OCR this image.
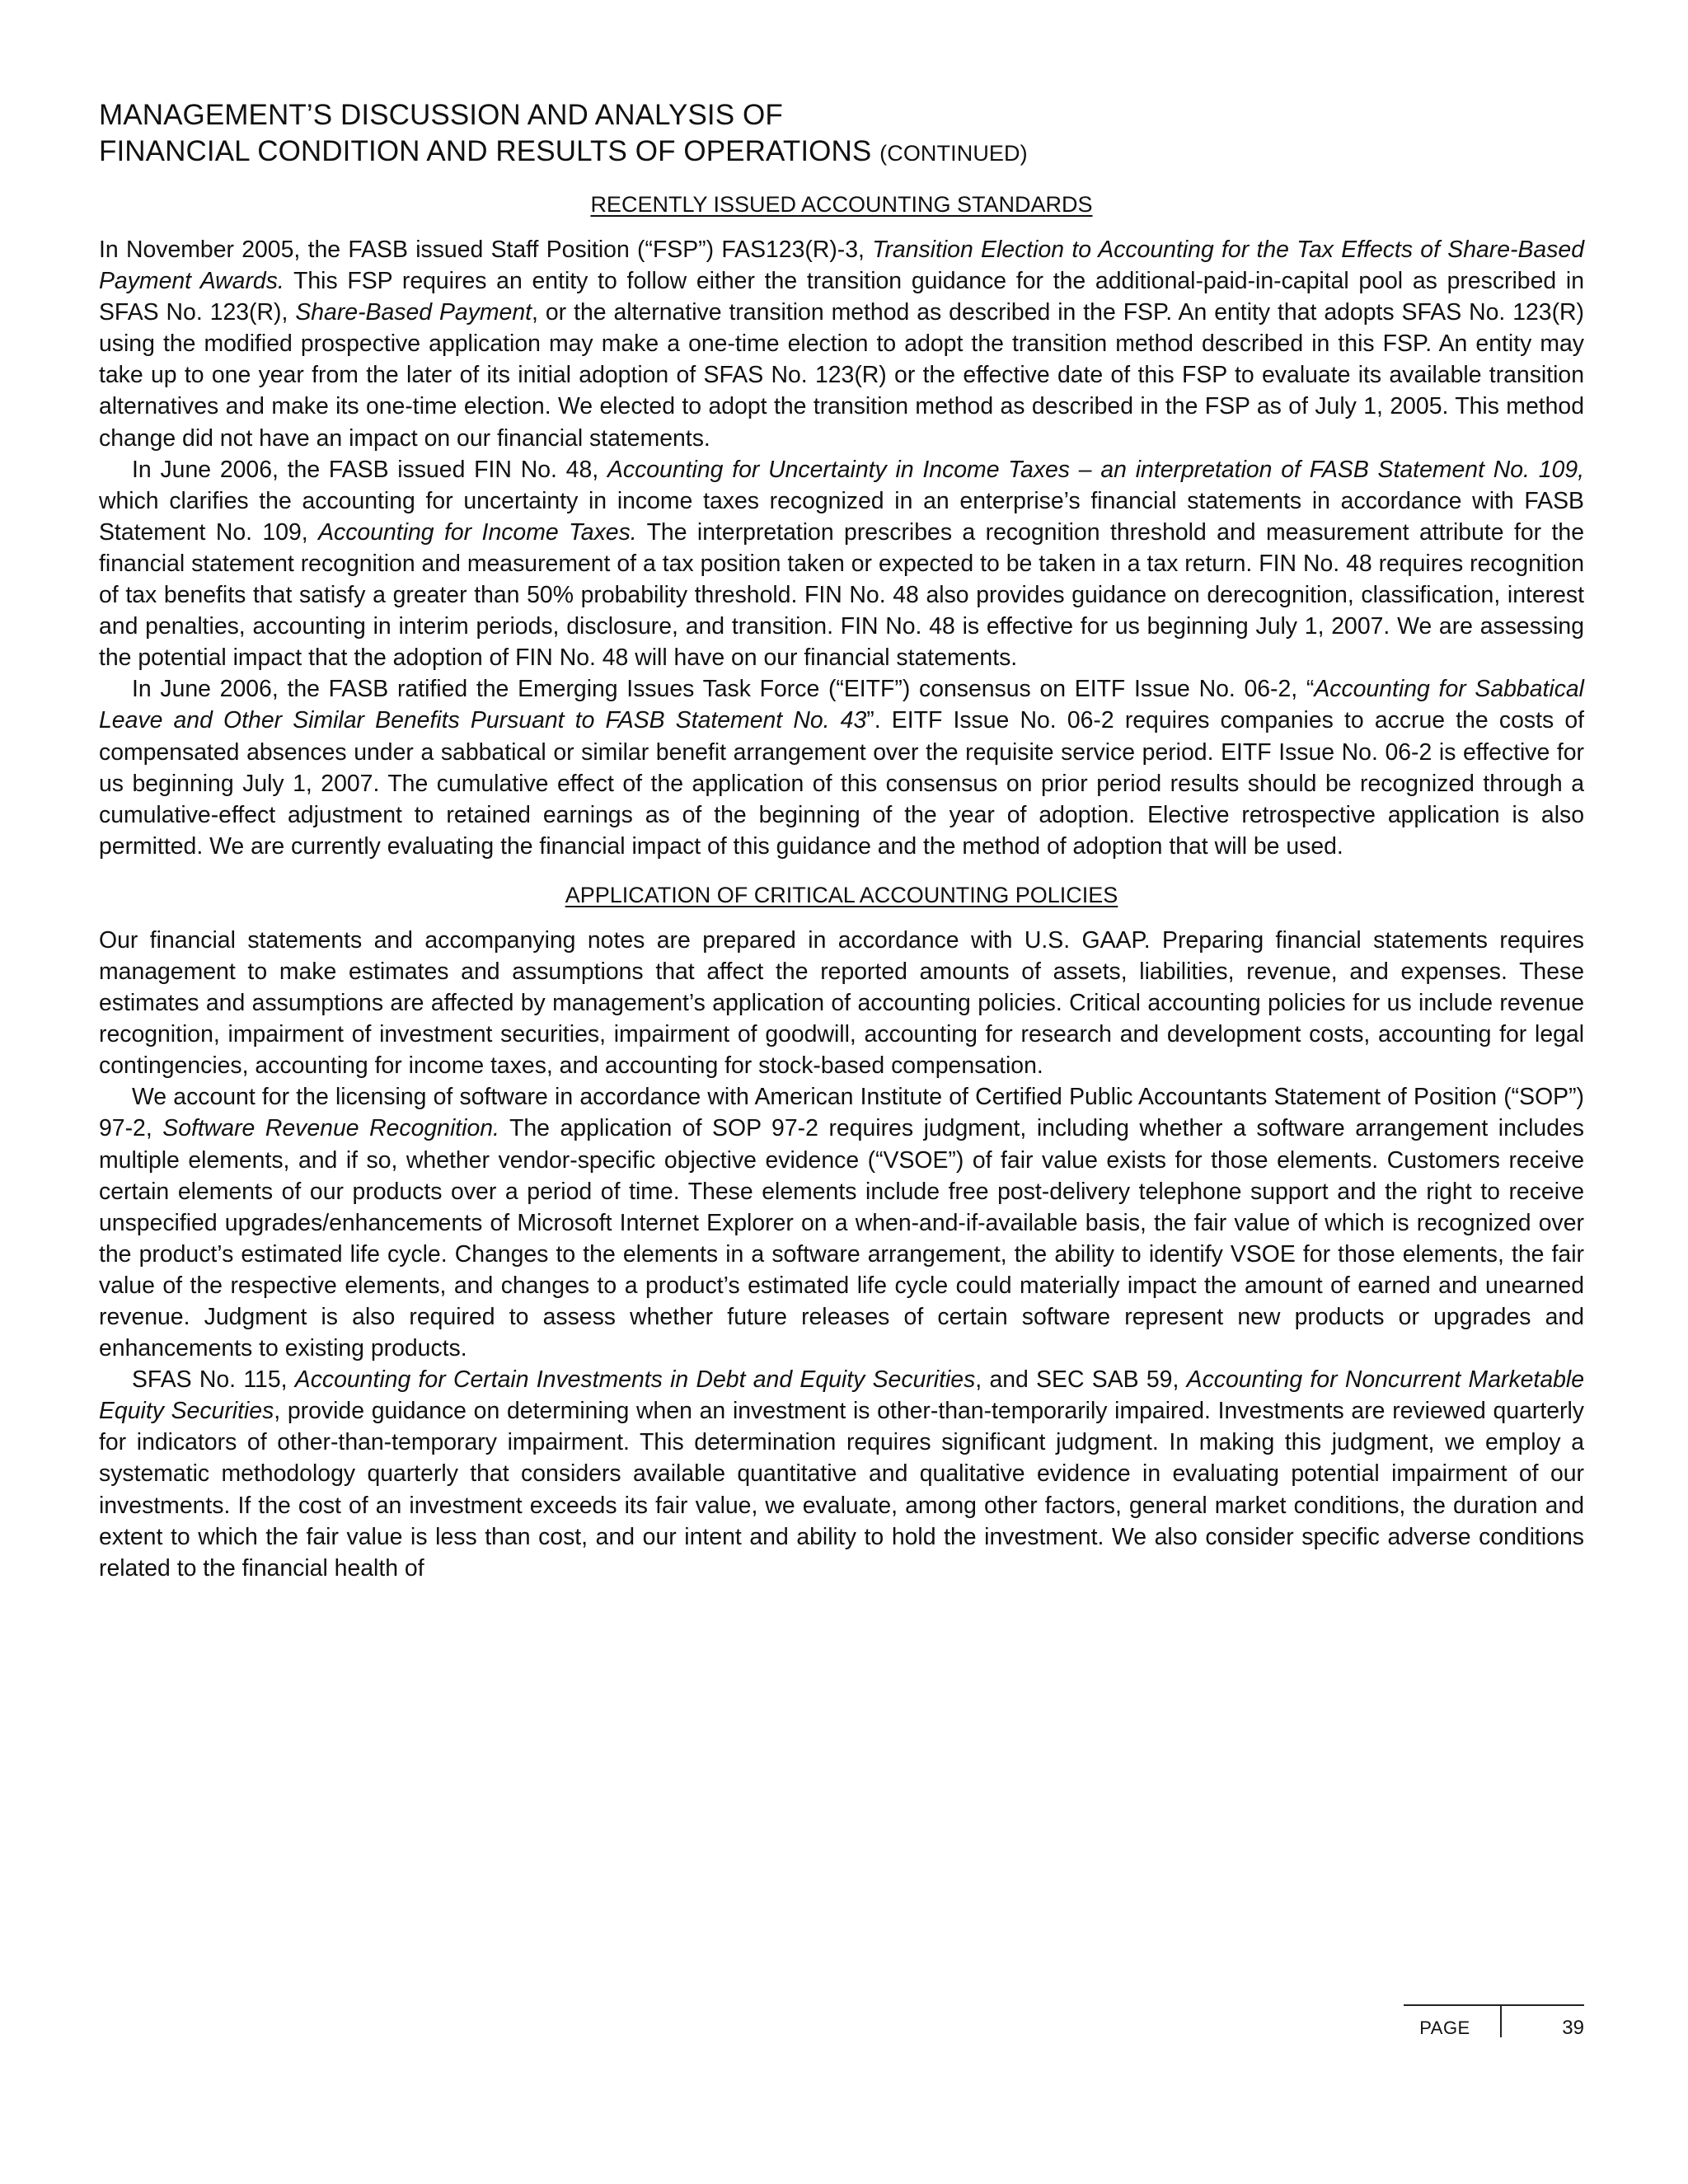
MANAGEMENT’S DISCUSSION AND ANALYSIS OF
FINANCIAL CONDITION AND RESULTS OF OPERATIONS (CONTINUED)
RECENTLY ISSUED ACCOUNTING STANDARDS

In November 2005, the FASB issued Staff Position (“FSP”) FAS123(R)-3, Transition Election to Accounting for the Tax Effects of Share-Based Payment Awards. This FSP requires an entity to follow either the transition guidance for the additional-paid-in-capital pool as prescribed in SFAS No. 123(R), Share-Based Payment, or the alternative transition method as described in the FSP. An entity that adopts SFAS No. 123(R) using the modified prospective application may make a one-time election to adopt the transition method described in this FSP. An entity may take up to one year from the later of its initial adoption of SFAS No. 123(R) or the effective date of this FSP to evaluate its available transition alternatives and make its one-time election. We elected to adopt the transition method as described in the FSP as of July 1, 2005. This method change did not have an impact on our financial statements.

In June 2006, the FASB issued FIN No. 48, Accounting for Uncertainty in Income Taxes – an interpretation of FASB Statement No. 109, which clarifies the accounting for uncertainty in income taxes recognized in an enterprise’s financial statements in accordance with FASB Statement No. 109, Accounting for Income Taxes. The interpretation prescribes a recognition threshold and measurement attribute for the financial statement recognition and measurement of a tax position taken or expected to be taken in a tax return. FIN No. 48 requires recognition of tax benefits that satisfy a greater than 50% probability threshold. FIN No. 48 also provides guidance on derecognition, classification, interest and penalties, accounting in interim periods, disclosure, and transition. FIN No. 48 is effective for us beginning July 1, 2007. We are assessing the potential impact that the adoption of FIN No. 48 will have on our financial statements.

In June 2006, the FASB ratified the Emerging Issues Task Force (“EITF”) consensus on EITF Issue No. 06-2, “Accounting for Sabbatical Leave and Other Similar Benefits Pursuant to FASB Statement No. 43”. EITF Issue No. 06-2 requires companies to accrue the costs of compensated absences under a sabbatical or similar benefit arrangement over the requisite service period. EITF Issue No. 06-2 is effective for us beginning July 1, 2007. The cumulative effect of the application of this consensus on prior period results should be recognized through a cumulative-effect adjustment to retained earnings as of the beginning of the year of adoption. Elective retrospective application is also permitted. We are currently evaluating the financial impact of this guidance and the method of adoption that will be used.

APPLICATION OF CRITICAL ACCOUNTING POLICIES

Our financial statements and accompanying notes are prepared in accordance with U.S. GAAP. Preparing financial statements requires management to make estimates and assumptions that affect the reported amounts of assets, liabilities, revenue, and expenses. These estimates and assumptions are affected by management’s application of accounting policies. Critical accounting policies for us include revenue recognition, impairment of investment securities, impairment of goodwill, accounting for research and development costs, accounting for legal contingencies, accounting for income taxes, and accounting for stock-based compensation.

We account for the licensing of software in accordance with American Institute of Certified Public Accountants Statement of Position (“SOP”) 97-2, Software Revenue Recognition. The application of SOP 97-2 requires judgment, including whether a software arrangement includes multiple elements, and if so, whether vendor-specific objective evidence (“VSOE”) of fair value exists for those elements. Customers receive certain elements of our products over a period of time. These elements include free post-delivery telephone support and the right to receive unspecified upgrades/enhancements of Microsoft Internet Explorer on a when-and-if-available basis, the fair value of which is recognized over the product’s estimated life cycle. Changes to the elements in a software arrangement, the ability to identify VSOE for those elements, the fair value of the respective elements, and changes to a product’s estimated life cycle could materially impact the amount of earned and unearned revenue. Judgment is also required to assess whether future releases of certain software represent new products or upgrades and enhancements to existing products.

SFAS No. 115, Accounting for Certain Investments in Debt and Equity Securities, and SEC SAB 59, Accounting for Noncurrent Marketable Equity Securities, provide guidance on determining when an investment is other-than-temporarily impaired. Investments are reviewed quarterly for indicators of other-than-temporary impairment. This determination requires significant judgment. In making this judgment, we employ a systematic methodology quarterly that considers available quantitative and qualitative evidence in evaluating potential impairment of our investments. If the cost of an investment exceeds its fair value, we evaluate, among other factors, general market conditions, the duration and extent to which the fair value is less than cost, and our intent and ability to hold the investment. We also consider specific adverse conditions related to the financial health of

PAGE	39
